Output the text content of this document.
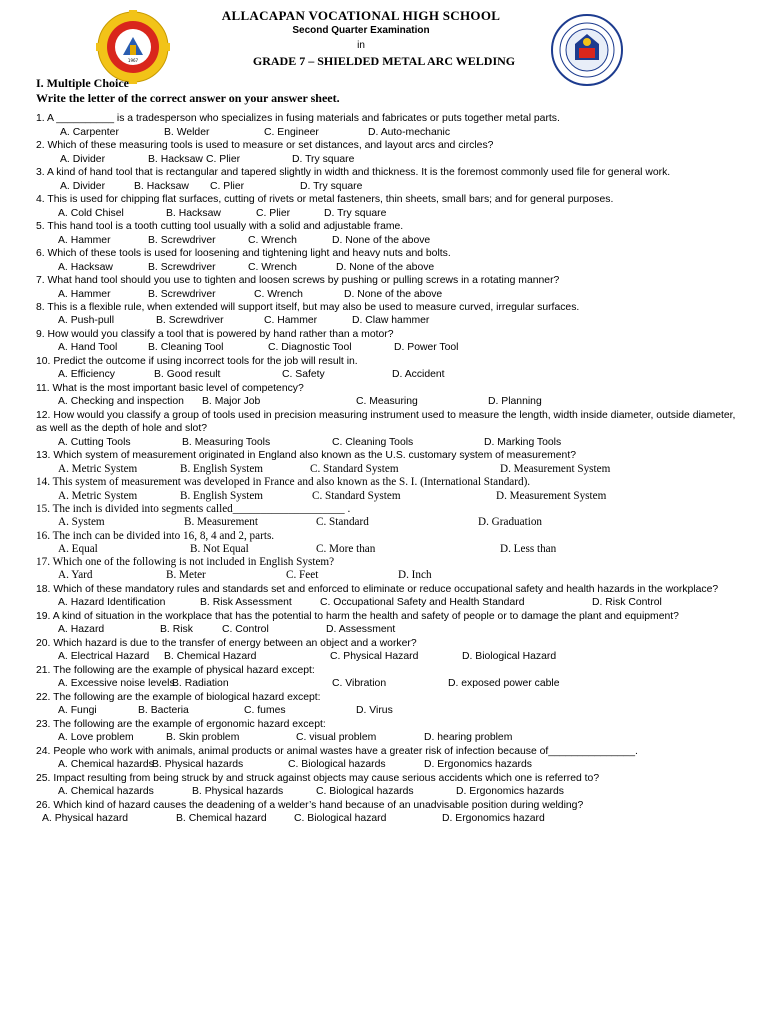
1967
ALLACAPAN VOCATIONAL HIGH SCHOOL
Second Quarter Examination
in
GRADE 7 – SHIELDED METAL ARC WELDING
I. Multiple Choice
Write the letter of the correct answer on your answer sheet.
1. A __________ is a tradesperson who specializes in fusing materials and fabricates or puts together metal parts.
A. Carpenter	B. Welder	C. Engineer	D. Auto-mechanic
2. Which of these measuring tools is used to measure or set distances, and layout arcs and circles?
A. Divider	B. Hacksaw C. Plier	D. Try square
3. A kind of hand tool that is rectangular and tapered slightly in width and thickness. It is the foremost commonly used file for general work.
A. Divider	B. Hacksaw C. Plier	D. Try square
4. This is used for chipping flat surfaces, cutting of rivets or metal fasteners, thin sheets, small bars; and for general purposes.
A. Cold Chisel	B. Hacksaw	C. Plier	D. Try square
5. This hand tool is a tooth cutting tool usually with a solid and adjustable frame.
A. Hammer	B. Screwdriver	C. Wrench	D. None of the above
6. Which of these tools is used for loosening and tightening light and heavy nuts and bolts.
A. Hacksaw	B. Screwdriver	C. Wrench	D. None of the above
7. What hand tool should you use to tighten and loosen screws by pushing or pulling screws in a rotating manner?
A. Hammer	B. Screwdriver	C. Wrench	D. None of the above
8. This is a flexible rule, when extended will support itself, but may also be used to measure curved, irregular surfaces.
A. Push-pull	B. Screwdriver	C. Hammer	D. Claw hammer
9. How would you classify a tool that is powered by hand rather than a motor?
A. Hand Tool	B. Cleaning Tool	C. Diagnostic Tool	D. Power Tool
10. Predict the outcome if using incorrect tools for the job will result in.
A. Efficiency	B. Good result	C. Safety	D. Accident
11. What is the most important basic level of competency?
A. Checking and inspection B. Major Job	C. Measuring	D. Planning
12. How would you classify a group of tools used in precision measuring instrument used to measure the length, width inside diameter, outside diameter, as well as the depth of hole and slot?
A. Cutting Tools	B. Measuring Tools	C. Cleaning Tools	D. Marking Tools
13. Which system of measurement originated in England also known as the U.S. customary system of measurement?
A. Metric System	B. English System	C. Standard System	D. Measurement System
14. This system of measurement was developed in France and also known as the S. I. (International Standard).
A. Metric System	B. English System	C. Standard System	D. Measurement System
15. The inch is divided into segments called____________________ .
A. System	B. Measurement	C. Standard	D. Graduation
16. The inch can be divided into 16, 8, 4 and 2, parts.
A. Equal	B. Not Equal	C. More than	D. Less than
17. Which one of the following is not included in English System?
A. Yard	B. Meter	C. Feet	D. Inch
18. Which of these mandatory rules and standards set and enforced to eliminate or reduce occupational safety and health hazards in the workplace?
A. Hazard Identification	B. Risk Assessment	C. Occupational Safety and Health Standard	D. Risk Control
19. A kind of situation in the workplace that has the potential to harm the health and safety of people or to damage the plant and equipment?
A. Hazard	B. Risk	C. Control	D. Assessment
20. Which hazard is due to the transfer of energy between an object and a worker?
A. Electrical Hazard B. Chemical Hazard	C. Physical Hazard	D. Biological Hazard
21. The following are the example of physical hazard except:
A. Excessive noise levels
B. Radiation	C. Vibration	D. exposed power cable
22. The following are the example of biological hazard except:
A. Fungi	B. Bacteria	C. fumes	D. Virus
23. The following are the example of ergonomic hazard except:
A. Love problem	B. Skin problem	C. visual problem	D. hearing problem
24. People who work with animals, animal products or animal wastes have a greater risk of infection because of_______________.
A. Chemical hazards
B. Physical hazards	C. Biological hazards	D. Ergonomics hazards
25. Impact resulting from being struck by and struck against objects may cause serious accidents which one is referred to?
A. Chemical hazards	B. Physical hazards	C. Biological hazards	D. Ergonomics hazards
26. Which kind of hazard causes the deadening of a welder’s hand because of an unadvisable position during welding?
A. Physical hazard	B. Chemical hazard	C. Biological hazard	D. Ergonomics hazard
